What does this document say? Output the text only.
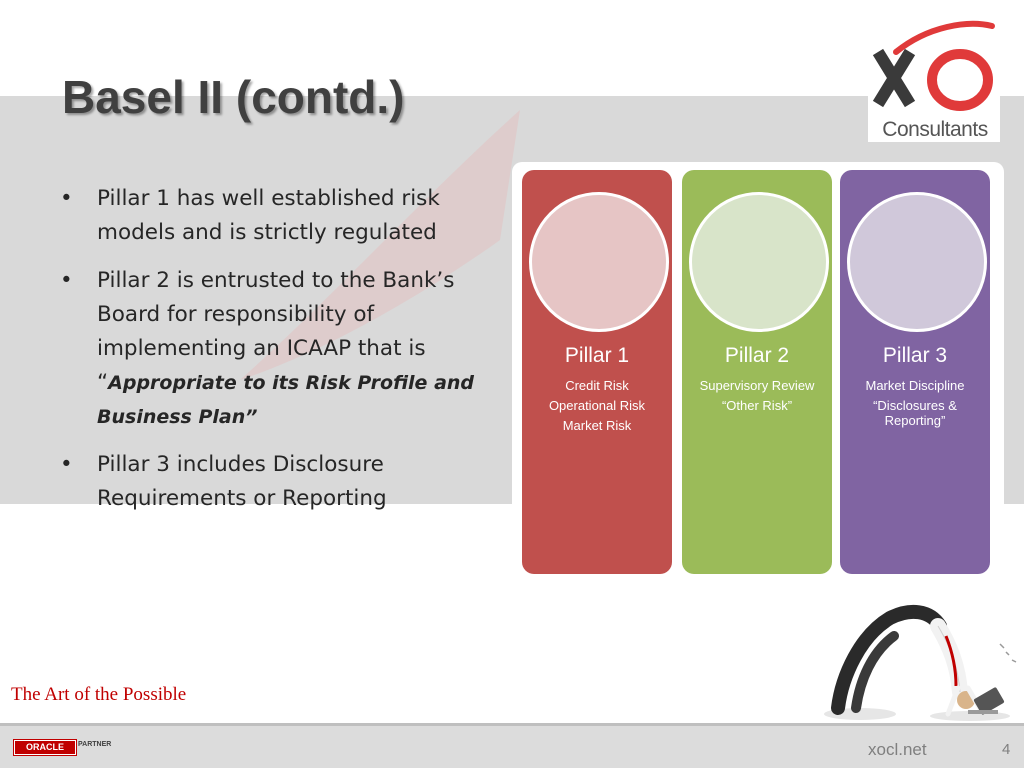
Basel II (contd.)
Consultants
• Pillar 1 has well established risk models and is strictly regulated
• Pillar 2 is entrusted to the Bank’s Board for responsibility of implementing an ICAAP that is “Appropriate to its Risk Profile and Business Plan”
• Pillar 3 includes Disclosure Requirements or Reporting
Pillar 1
Credit Risk
Operational Risk
Market Risk
Pillar 2
Supervisory Review
“Other Risk”
Pillar 3
Market Discipline
“Disclosures & Reporting”
The Art of the Possible
ORACLE	PARTNER	xocl.net	4
